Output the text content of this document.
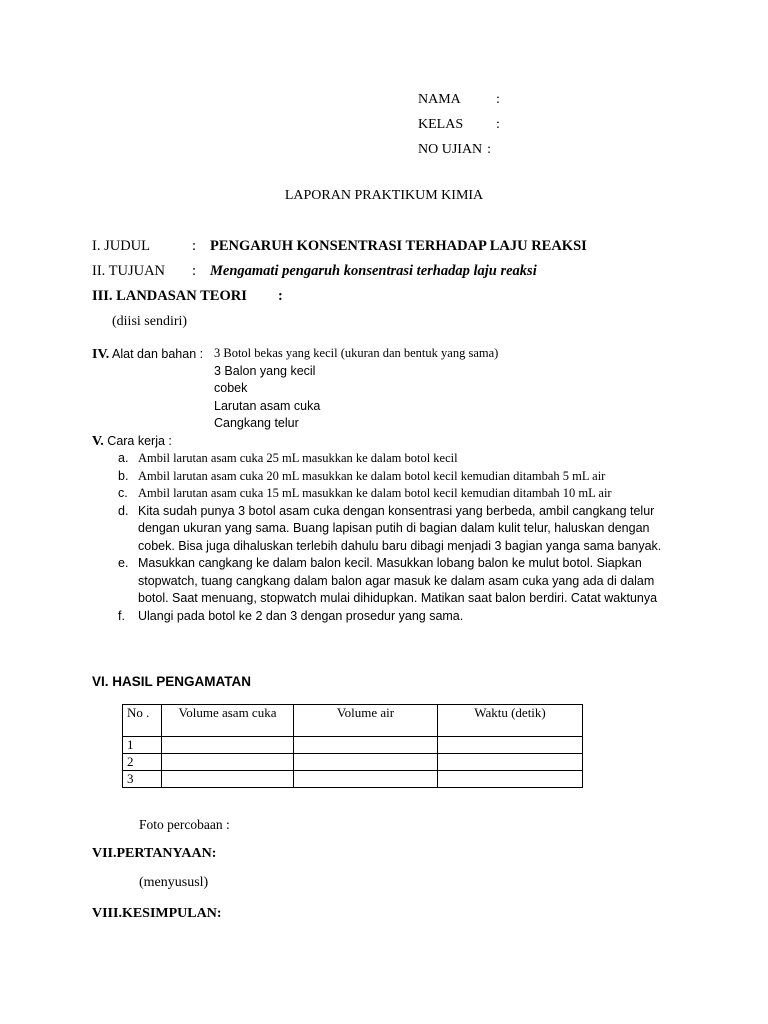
NAMA	:
KELAS	:
NO UJIAN :
LAPORAN PRAKTIKUM KIMIA
I. JUDUL	: PENGARUH KONSENTRASI TERHADAP LAJU REAKSI
II. TUJUAN : Mengamati pengaruh konsentrasi terhadap laju reaksi
III. LANDASAN TEORI :
(diisi sendiri)
IV. Alat dan bahan : 3 Botol bekas yang kecil (ukuran dan bentuk yang sama)
3 Balon yang kecil
cobek
Larutan asam cuka
Cangkang telur
V. Cara kerja :
a. Ambil larutan asam cuka 25 mL masukkan ke dalam botol kecil
b. Ambil larutan asam cuka 20 mL masukkan ke dalam botol kecil kemudian ditambah 5 mL air
c. Ambil larutan asam cuka 15 mL masukkan ke dalam botol kecil kemudian ditambah 10 mL air
d. Kita sudah punya 3 botol asam cuka dengan konsentrasi yang berbeda, ambil cangkang telur dengan ukuran yang sama. Buang lapisan putih di bagian dalam kulit telur, haluskan dengan cobek. Bisa juga dihaluskan terlebih dahulu baru dibagi menjadi 3 bagian yanga sama banyak.
e. Masukkan cangkang ke dalam balon kecil. Masukkan lobang balon ke mulut botol. Siapkan stopwatch, tuang cangkang dalam balon agar masuk ke dalam asam cuka yang ada di dalam botol. Saat menuang, stopwatch mulai dihidupkan. Matikan saat balon berdiri. Catat waktunya
f.	Ulangi pada botol ke 2 dan 3 dengan prosedur yang sama.
VI. HASIL PENGAMATAN
No .	Volume asam cuka	Volume air	Waktu (detik)
1			
2			
3			
Foto percobaan :
VII.PERTANYAAN:
(menyususl)
VIII.KESIMPULAN:
